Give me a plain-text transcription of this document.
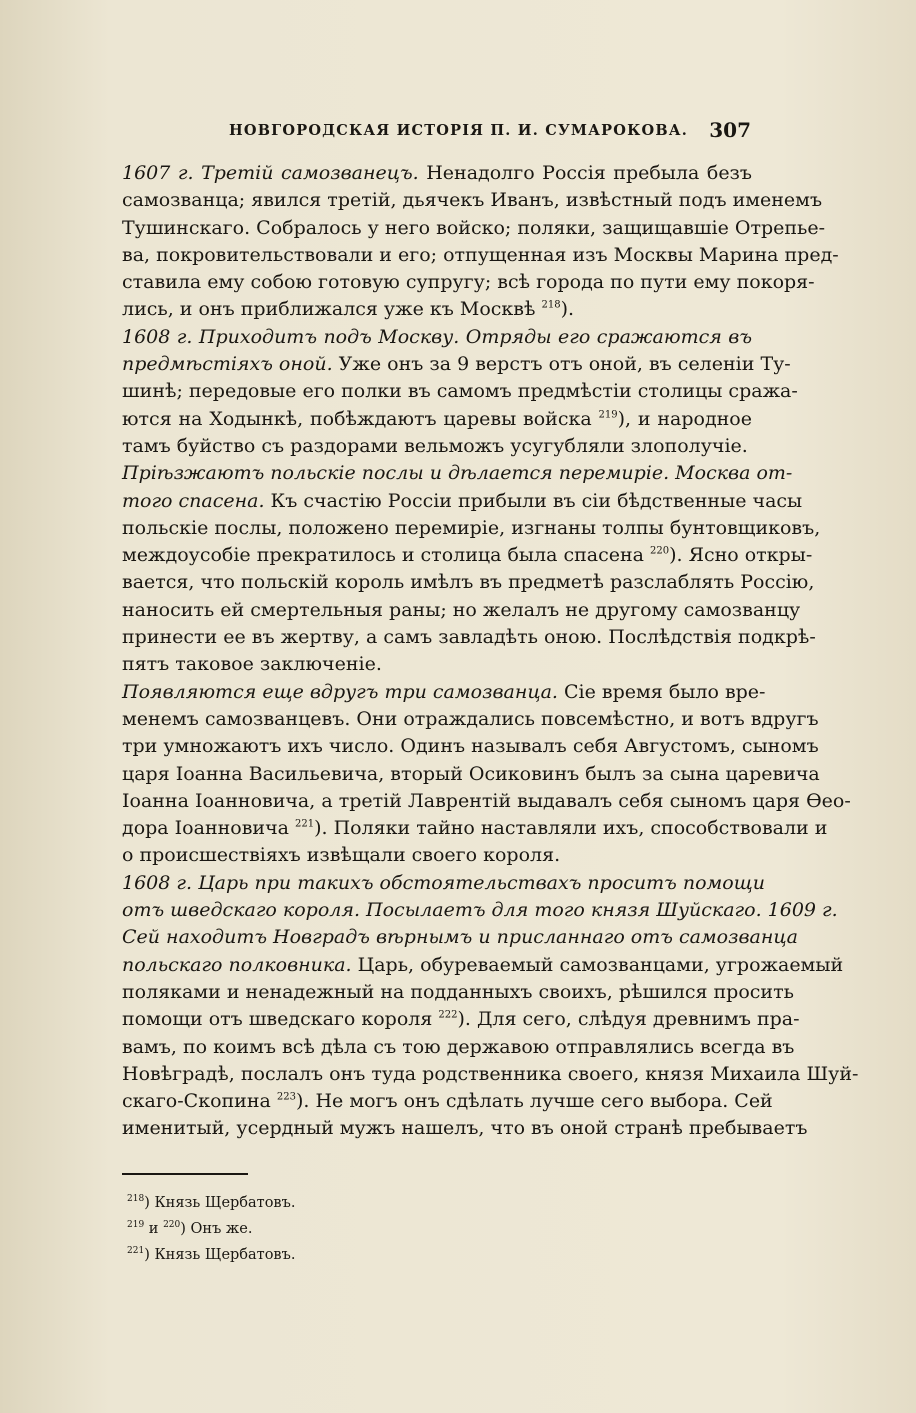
НОВГОРОДСКАЯ ИСТОРIЯ П. И. СУМАРОКОВА. 307
1607 г. Третiй самозванецъ. Ненадолго Россiя пребыла безъ
самозванца; явился третiй, дьячекъ Иванъ, извѣстный подъ именемъ
Тушинскаго. Собралось у него войско; поляки, защищавшiе Отрепье-
ва, покровительствовали и его; отпущенная изъ Москвы Марина пред-
ставила ему собою готовую супругу; всѣ города по пути ему покоря-
лись, и онъ приближался уже къ Москвѣ $^{218}$).
1608 г. Приходитъ подъ Москву. Отряды его сражаются въ
предмѣстiяхъ оной. Уже онъ за 9 верстъ отъ оной, въ селенiи Ту-
шинѣ; передовые его полки въ самомъ предмѣстiи столицы сража-
ются на Ходынкѣ, побѣждаютъ царевы войска $^{219}$), и народное
тамъ буйство съ раздорами вельможъ усугубляли злополучiе.
Прiѣзжаютъ польскiе послы и дѣлается перемирiе. Москва от-
того спасена. Къ счастiю Россiи прибыли въ сiи бѣдственные часы
польскiе послы, положено перемирiе, изгнаны толпы бунтовщиковъ,
междоусобiе прекратилось и столица была спасена $^{220}$). Ясно откры-
вается, что польскiй король имѣлъ въ предметѣ разслаблять Россiю,
наносить ей смертельныя раны; но желалъ не другому самозванцу
принести ее въ жертву, а самъ завладѣть оною. Послѣдствiя подкрѣ-
пятъ таковое заключенiе.
Появляются еще вдругъ три самозванца. Сiе время было вре-
менемъ самозванцевъ. Они отраждались повсемѣстно, и вотъ вдругъ
три умножаютъ ихъ число. Одинъ называлъ себя Августомъ, сыномъ
царя Iоанна Васильевича, вторый Осиковинъ былъ за сына царевича
Iоанна Iоанновича, а третiй Лаврентiй выдавалъ себя сыномъ царя Ѳео-
дора Iоанновича $^{221}$). Поляки тайно наставляли ихъ, способствовали и
о происшествiяхъ извѣщали своего короля.
1608 г. Царь при такихъ обстоятельствахъ проситъ помощи
отъ шведскаго короля. Посылаетъ для того князя Шуйскаго. 1609 г.
Сей находитъ Новградъ вѣрнымъ и присланнаго отъ самозванца
польскаго полковника. Царь, обуреваемый самозванцами, угрожаемый
поляками и ненадежный на подданныхъ своихъ, рѣшился просить
помощи отъ шведскаго короля $^{222}$). Для сего, слѣдуя древнимъ пра-
вамъ, по коимъ всѣ дѣла съ тою державою отправлялись всегда въ
Новѣградѣ, послалъ онъ туда родственника своего, князя Михаила Шуй-
скаго-Скопина $^{223}$). Не могъ онъ сдѣлать лучше сего выбора. Сей
именитый, усердный мужъ нашелъ, что въ оной странѣ пребываетъ
$^{218}$) Князь Щербатовъ.
$^{219}$ и $^{220}$) Онъ же.
$^{221}$) Князь Щербатовъ.
